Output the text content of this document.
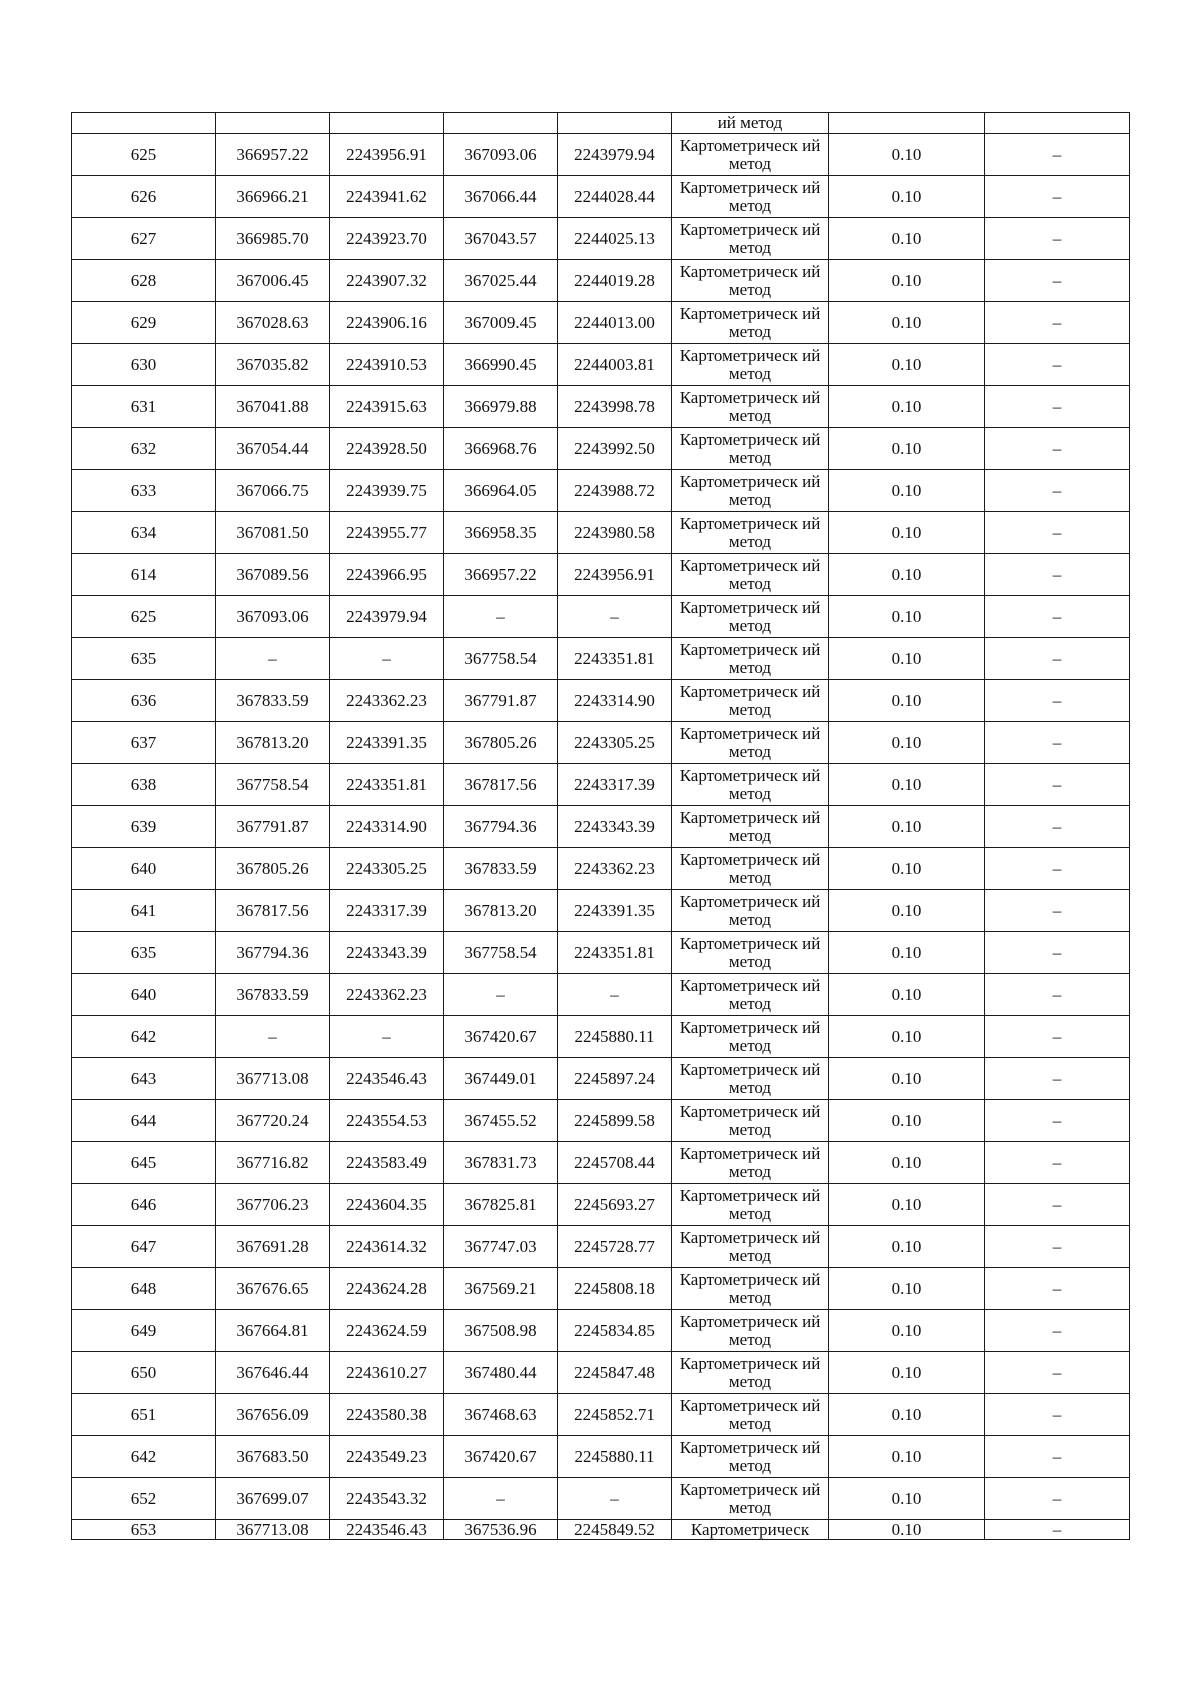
					ий метод		
625	366957.22	2243956.91	367093.06	2243979.94	Картометрическ ий метод	0.10	–
626	366966.21	2243941.62	367066.44	2244028.44	Картометрическ ий метод	0.10	–
627	366985.70	2243923.70	367043.57	2244025.13	Картометрическ ий метод	0.10	–
628	367006.45	2243907.32	367025.44	2244019.28	Картометрическ ий метод	0.10	–
629	367028.63	2243906.16	367009.45	2244013.00	Картометрическ ий метод	0.10	–
630	367035.82	2243910.53	366990.45	2244003.81	Картометрическ ий метод	0.10	–
631	367041.88	2243915.63	366979.88	2243998.78	Картометрическ ий метод	0.10	–
632	367054.44	2243928.50	366968.76	2243992.50	Картометрическ ий метод	0.10	–
633	367066.75	2243939.75	366964.05	2243988.72	Картометрическ ий метод	0.10	–
634	367081.50	2243955.77	366958.35	2243980.58	Картометрическ ий метод	0.10	–
614	367089.56	2243966.95	366957.22	2243956.91	Картометрическ ий метод	0.10	–
625	367093.06	2243979.94	–	–	Картометрическ ий метод	0.10	–
635	–	–	367758.54	2243351.81	Картометрическ ий метод	0.10	–
636	367833.59	2243362.23	367791.87	2243314.90	Картометрическ ий метод	0.10	–
637	367813.20	2243391.35	367805.26	2243305.25	Картометрическ ий метод	0.10	–
638	367758.54	2243351.81	367817.56	2243317.39	Картометрическ ий метод	0.10	–
639	367791.87	2243314.90	367794.36	2243343.39	Картометрическ ий метод	0.10	–
640	367805.26	2243305.25	367833.59	2243362.23	Картометрическ ий метод	0.10	–
641	367817.56	2243317.39	367813.20	2243391.35	Картометрическ ий метод	0.10	–
635	367794.36	2243343.39	367758.54	2243351.81	Картометрическ ий метод	0.10	–
640	367833.59	2243362.23	–	–	Картометрическ ий метод	0.10	–
642	–	–	367420.67	2245880.11	Картометрическ ий метод	0.10	–
643	367713.08	2243546.43	367449.01	2245897.24	Картометрическ ий метод	0.10	–
644	367720.24	2243554.53	367455.52	2245899.58	Картометрическ ий метод	0.10	–
645	367716.82	2243583.49	367831.73	2245708.44	Картометрическ ий метод	0.10	–
646	367706.23	2243604.35	367825.81	2245693.27	Картометрическ ий метод	0.10	–
647	367691.28	2243614.32	367747.03	2245728.77	Картометрическ ий метод	0.10	–
648	367676.65	2243624.28	367569.21	2245808.18	Картометрическ ий метод	0.10	–
649	367664.81	2243624.59	367508.98	2245834.85	Картометрическ ий метод	0.10	–
650	367646.44	2243610.27	367480.44	2245847.48	Картометрическ ий метод	0.10	–
651	367656.09	2243580.38	367468.63	2245852.71	Картометрическ ий метод	0.10	–
642	367683.50	2243549.23	367420.67	2245880.11	Картометрическ ий метод	0.10	–
652	367699.07	2243543.32	–	–	Картометрическ ий метод	0.10	–
653	367713.08	2243546.43	367536.96	2245849.52	Картометрическ	0.10	–
